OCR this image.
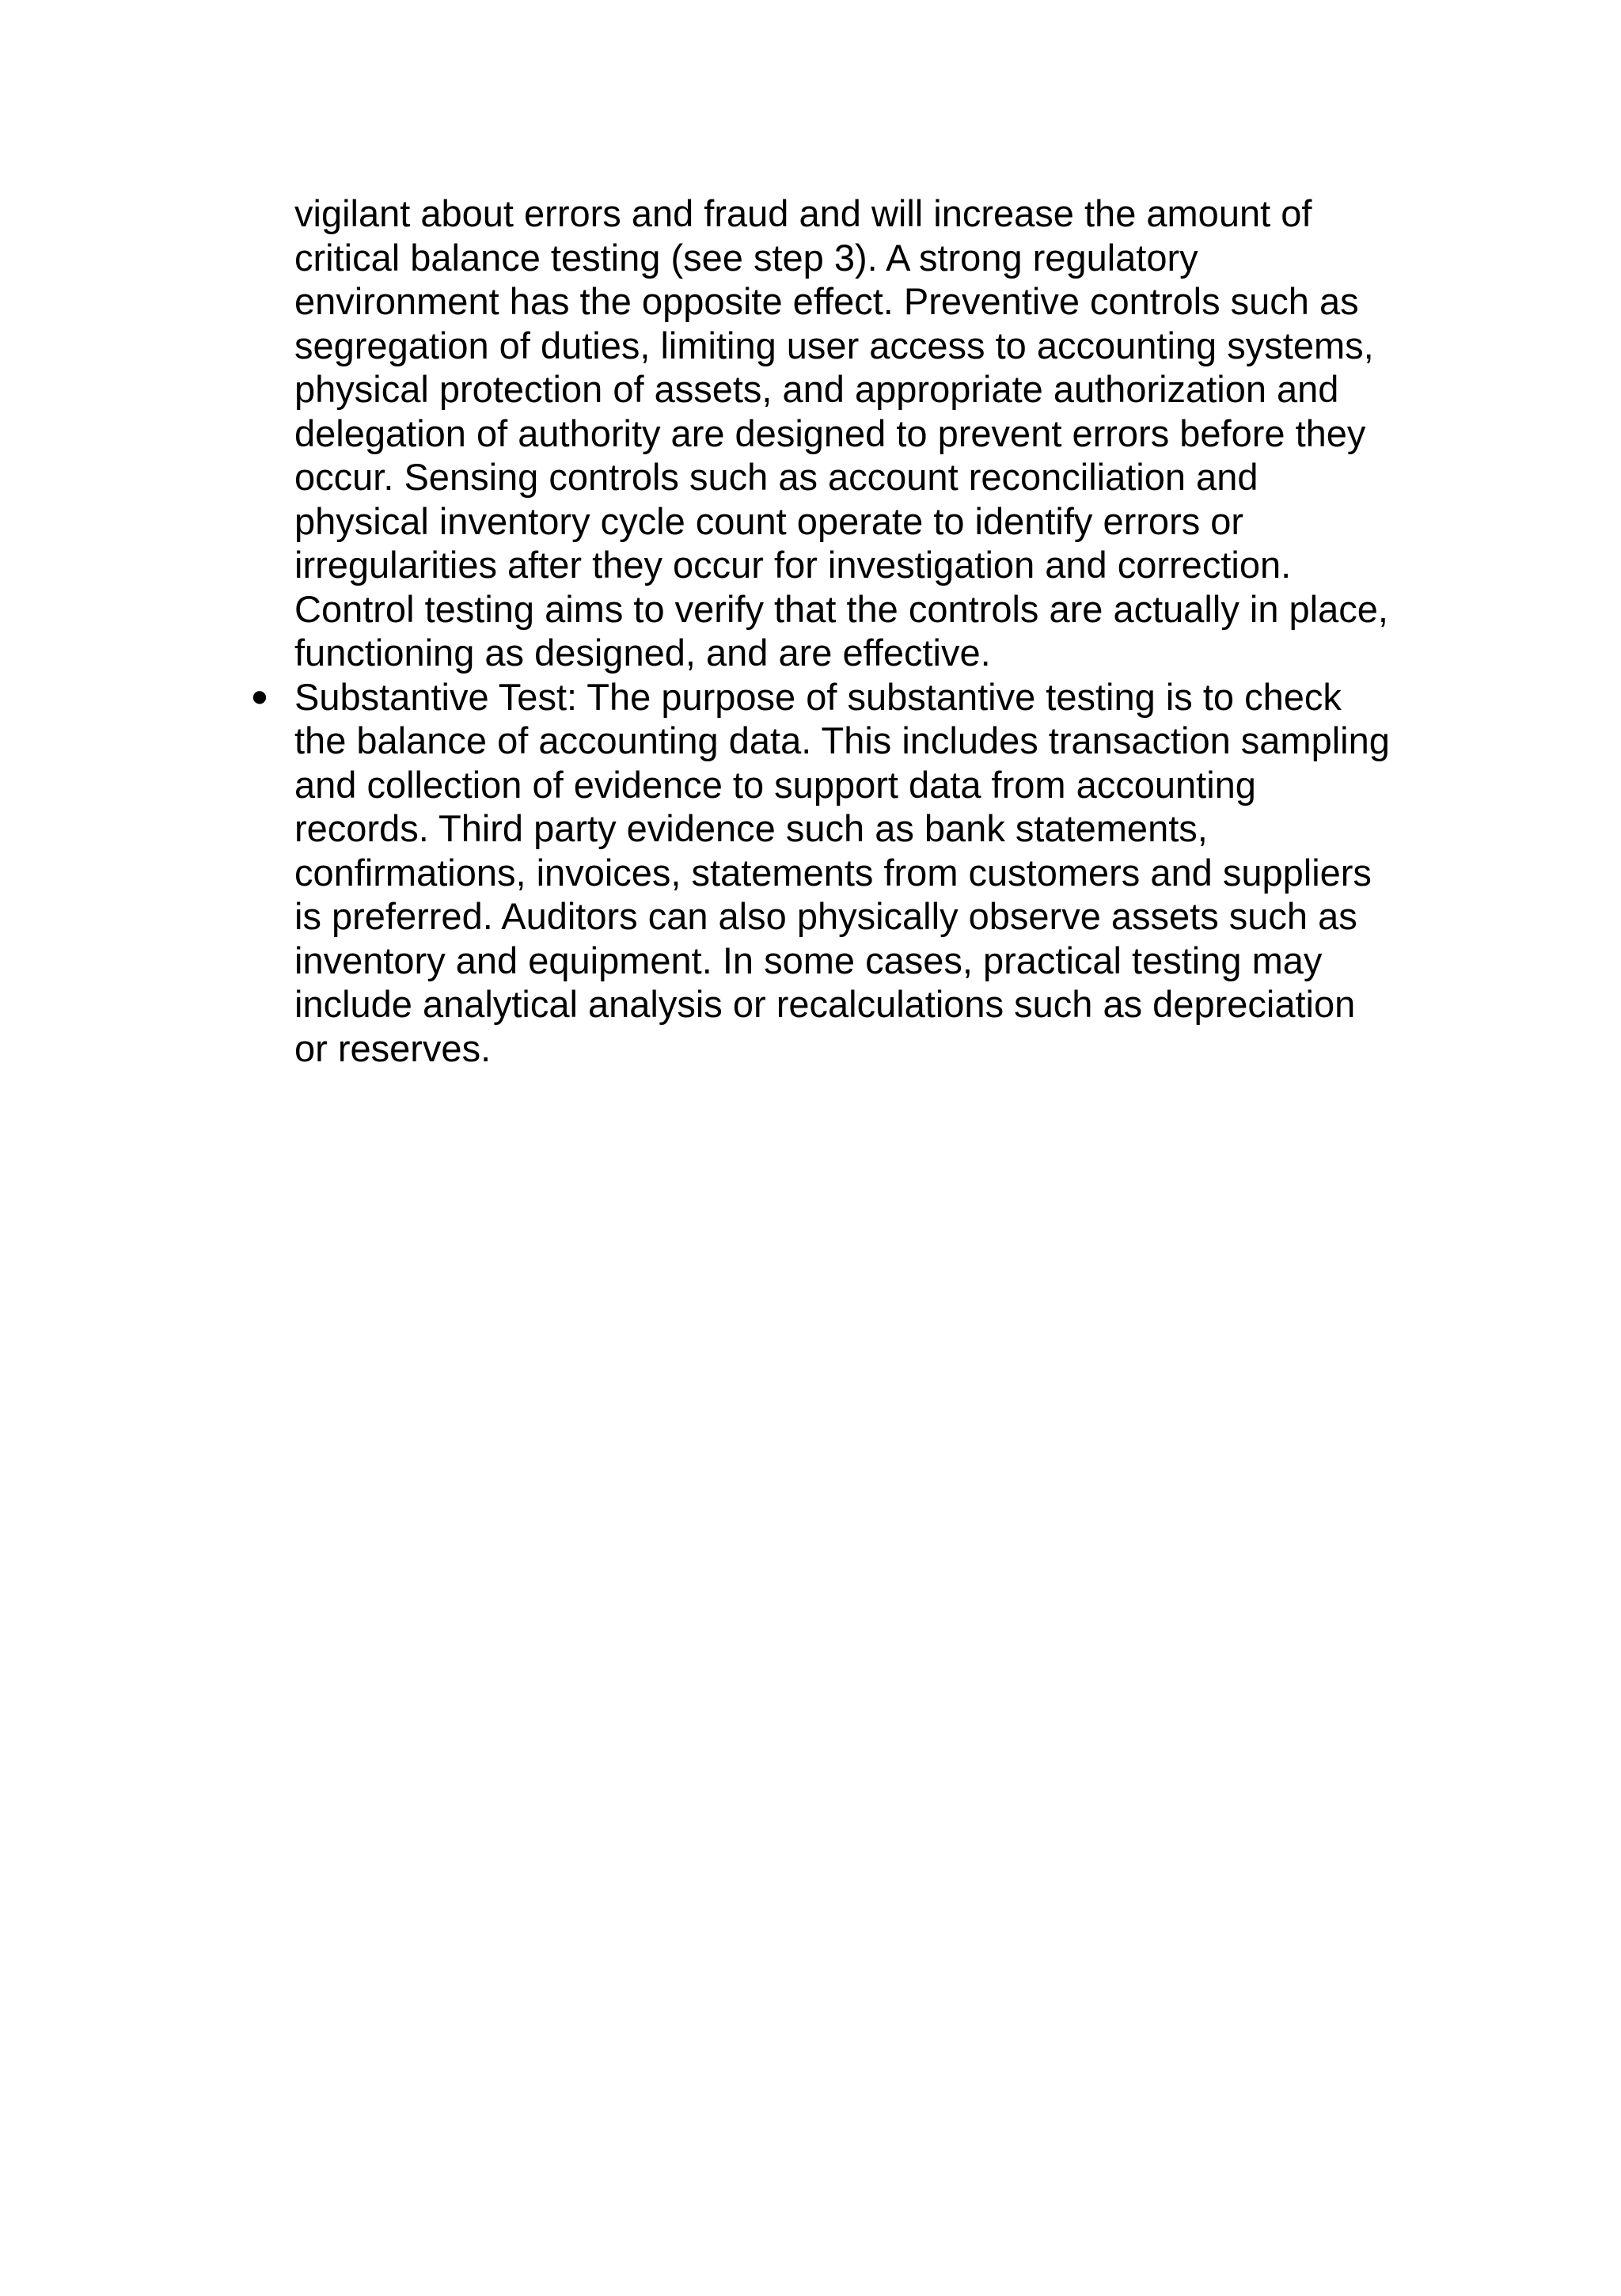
vigilant about errors and fraud and will increase the amount of
critical balance testing (see step 3). A strong regulatory
environment has the opposite effect. Preventive controls such as
segregation of duties, limiting user access to accounting systems,
physical protection of assets, and appropriate authorization and
delegation of authority are designed to prevent errors before they
occur. Sensing controls such as account reconciliation and
physical inventory cycle count operate to identify errors or
irregularities after they occur for investigation and correction.
Control testing aims to verify that the controls are actually in place,
functioning as designed, and are effective.
● Substantive Test: The purpose of substantive testing is to check
the balance of accounting data. This includes transaction sampling
and collection of evidence to support data from accounting
records. Third party evidence such as bank statements,
confirmations, invoices, statements from customers and suppliers
is preferred. Auditors can also physically observe assets such as
inventory and equipment. In some cases, practical testing may
include analytical analysis or recalculations such as depreciation
or reserves.
